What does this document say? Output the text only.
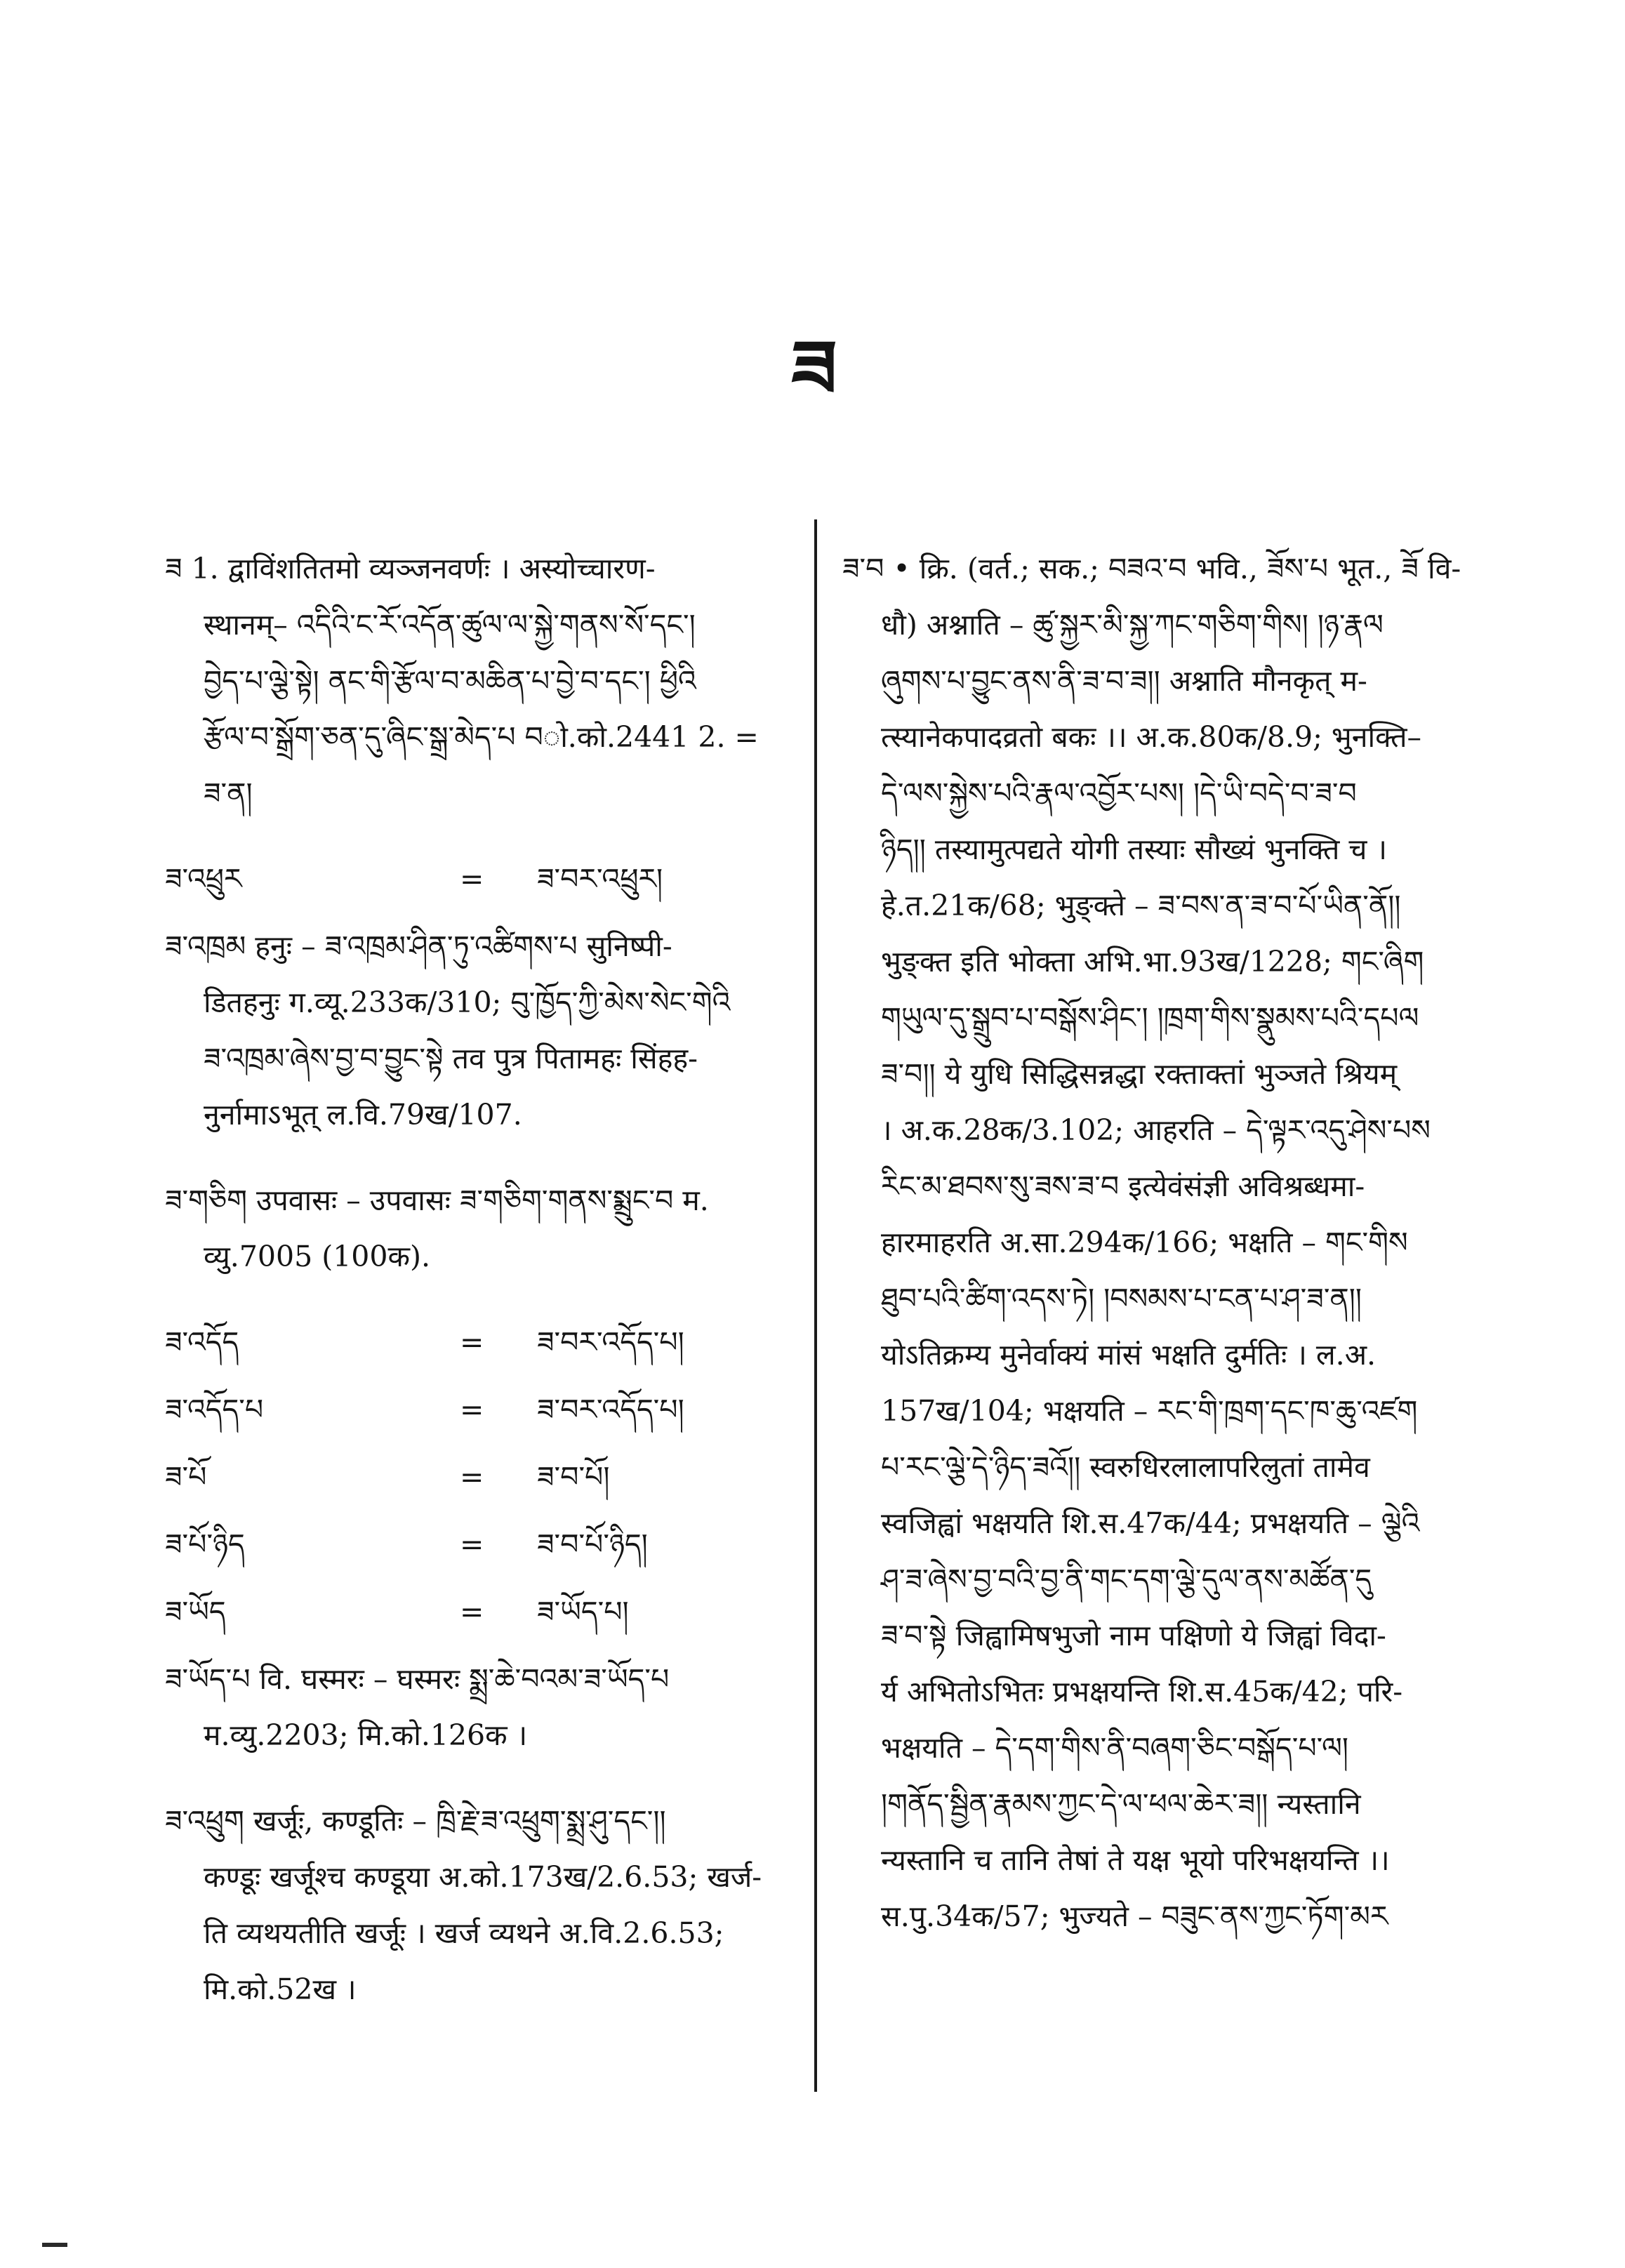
ཟ
ཟ 1. द्वाविंशतितमो व्यञ्जनवर्णः । अस्योच्चारण-
स्थानम्– འདིའི་ང་རོ་འདོན་ཚུལ་ལ་སྐྱེ་གནས་སོ་དང་།
བྱེད་པ་ལྕེ་སྟེ། ནང་གི་རྩོལ་བ་མཆིན་པ་བྱེ་བ་དང་། ཕྱིའི
རྩོལ་བ་སྒྲོག་ཅན་དུ་ཞིང་སྒྲ་མེད་པ བो.को.2441 2. =
ཟ་ན།
ཟ་འཕྲུར	=	ཟ་བར་འཕྲུར།
ཟ་འཁྲམ हनुः – ཟ་འཁྲམ་ཤིན་ཏུ་འཚིགས་པ सुनिष्पी-
डितहनुः ग.व्यू.233क/310; བུ་ཁྱོད་ཀྱི་མེས་སེང་གེའི
ཟ་འཁྲམ་ཞེས་བྱ་བ་བྱུང་སྟེ तव पुत्र पितामहः सिंहह-
नुर्नामाऽभूत् ल.वि.79ख/107.
ཟ་གཅིག उपवासः – उपवासः ཟ་གཅིག་གནས་སྨྲུང་བ म.
व्यु.7005 (100क).
ཟ་འདོད	=	ཟ་བར་འདོད་པ།
ཟ་འདོད་པ	=	ཟ་བར་འདོད་པ།
ཟ་པོ	=	ཟ་བ་པོ།
ཟ་པོ་ཉིད	=	ཟ་བ་པོ་ཉིད།
ཟ་ཡོད	=	ཟ་ཡོད་པ།
ཟ་ཡོད་པ वि. घस्मरः – घस्मरः སྨྲ་ཆེ་བའམ་ཟ་ཡོད་པ
म.व्यु.2203; मि.को.126क ।
ཟ་འཕྲུག खर्जूः, कण्डूतिः – ཁྲི་རྗེ་ཟ་འཕྲུག་སྨྲ་ཤུ་དང་།།
कण्डूः खर्जूश्च कण्डूया अ.को.173ख/2.6.53; खर्ज-
ति व्यथयतीति खर्जूः । खर्ज व्यथने अ.वि.2.6.53;
मि.को.52ख ।
ཟ་བ • क्रि. (वर्त.; सक.; བཟའ་བ भवि., ཟོས་པ भूत., ཟོ वि-
धौ) अश्नाति – ཚུ་སྐྱར་མི་སྐྱ་ཀང་གཅིག་གིས། །ཉ་རྣལ
ཞུགས་པ་བྱུང་ནས་ནི་ཟ་བ་ཟ།། अश्नाति मौनकृत् म-
त्स्यानेकपादव्रतो बकः ।। अ.क.80क/8.9; भुनक्ति–
དེ་ལས་སྐྱེས་པའི་རྣལ་འབྱོར་པས། །དེ་ཡི་བདེ་བ་ཟ་བ
ཉིད།། तस्यामुत्पद्यते योगी तस्याः सौख्यं भुनक्ति च ।
हे.त.21क/68; भुङ्क्ते – ཟ་བས་ན་ཟ་བ་པོ་ཡིན་ནོ།།
भुङ्क्त इति भोक्ता अभि.भा.93ख/1228; གང་ཞིག
གཡུལ་དུ་སྒྲུབ་པ་བསྒོས་ཤིང་། །ཁྲག་གིས་སྣུམས་པའི་དཔལ
ཟ་བ།། ये युधि सिद्धिसन्नद्धा रक्ताक्तां भुञ्जते श्रियम्
। अ.क.28क/3.102; आहरति – དེ་ལྟར་འདུ་ཤེས་པས
རིང་མ་ཐབས་སུ་ཟས་ཟ་བ इत्येवंसंज्ञी अविश्रब्धमा-
हारमाहरति अ.सा.294क/166; भक्षति – གང་གིས
ཐུབ་པའི་ཚིག་འདས་ཏེ། །བསམས་པ་ངན་པ་ཤ་ཟ་ན།།
योऽतिक्रम्य मुनेर्वाक्यं मांसं भक्षति दुर्मतिः । ल.अ.
157ख/104; भक्षयति – རང་གི་ཁྲག་དང་ཁ་ཆུ་འཛག
པ་རང་ལྕེ་དེ་ཉིད་ཟའོ།། स्वरुधिरलालापरिलुतां तामेव
स्वजिह्वां भक्षयति शि.स.47क/44; प्रभक्षयति – ལྕེའི
ཤ་ཟ་ཞེས་བྱ་བའི་བྱ་ནི་གང་དག་ལྕེ་དུལ་ནས་མཚོན་དུ
ཟ་བ་སྟེ जिह्वामिषभुजो नाम पक्षिणो ये जिह्वां विदा-
र्य अभितोऽभितः प्रभक्षयन्ति शि.स.45क/42; परि-
भक्षयति – དེ་དག་གིས་ནི་བཞག་ཅིང་བསྒོད་པ་ལ།
།གནོད་སྦྱིན་རྣམས་ཀྱང་དེ་ལ་ཕལ་ཆེར་ཟ།། न्यस्तानि
न्यस्तानि च तानि तेषां ते यक्ष भूयो परिभक्षयन्ति ।।
स.पु.34क/57; भुज्यते – བཟུང་ནས་ཀྱང་ཏོག་མར
